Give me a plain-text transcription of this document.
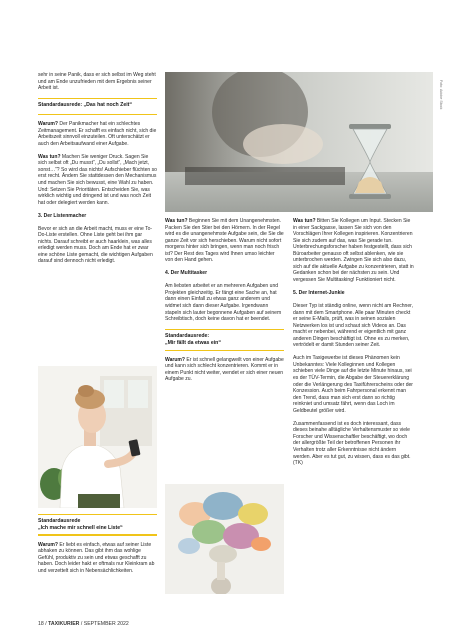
Foto: Adobe Stock

sehr in seine Panik, dass er sich selbst im Weg steht und am Ende unzufrieden mit dem Ergebnis seiner Arbeit ist.

Standardausrede: „Das hat noch Zeit“

Warum? Der Panikmacher hat ein schlechtes Zeitmanagement. Er schafft es einfach nicht, sich die Arbeitszeit sinnvoll einzuteilen. Oft unterschätzt er auch den Arbeitsaufwand einer Aufgabe.

Was tun? Machen Sie weniger Druck. Sagen Sie sich selbst oft „Du musst“, „Du sollst“, „Mach jetzt, sonst…“? So wird das nichts! Aufschieber flüchten so erst recht. Ändern Sie stattdessen den Mechanismus und machen Sie sich bewusst, eine Wahl zu haben. Und: Setzen Sie Prioritäten. Entscheiden Sie, was wirklich wichtig und dringend ist und was noch Zeit hat oder delegiert werden kann.

3. Der Listenmacher

Bevor er sich an die Arbeit macht, muss er eine To-Do-Liste erstellen. Ohne Liste geht bei ihm gar nichts. Darauf schreibt er auch haarklein, was alles erledigt werden muss. Doch am Ende hat er zwar eine schöne Liste gemacht, die wichtigen Aufgaben darauf sind dennoch nicht erledigt.

Standardausrede
„Ich mache mir schnell eine Liste“

Warum? Er liebt es einfach, etwas auf seiner Liste abhaken zu können. Das gibt ihm das wohlige Gefühl, produktiv zu sein und etwas geschafft zu haben. Doch leider hakt er oftmals nur Kleinkram ab und verzettelt sich in Nebensächlichkeiten.

Was tun? Beginnen Sie mit dem Unangenehmsten. Packen Sie den Stier bei den Hörnern. In der Regel wird es die unangenehmste Aufgabe sein, die Sie die ganze Zeit vor sich herschieben. Warum nicht sofort morgens hinter sich bringen, wenn man noch frisch ist? Der Rest des Tages wird Ihnen umso leichter von den Hand gehen.

4. Der Multitasker

Am liebsten arbeitet er an mehreren Aufgaben und Projekten gleichzeitig. Er fängt eine Sache an, hat dann einen Einfall zu etwas ganz anderem und widmet sich dann dieser Aufgabe. Irgendwann stapeln sich lauter begonnene Aufgaben auf seinem Schreibtisch, doch keine davon hat er beendet.

Standardausrede:
„Mir fällt da etwas ein“

Warum? Er ist schnell gelangweilt von einer Aufgabe und kann sich schlecht konzentrieren. Kommt er in einem Punkt nicht weiter, wendet er sich einer neuen Aufgabe zu.

Was tun? Bitten Sie Kollegen um Input. Stecken Sie in einer Sackgasse, lassen Sie sich von den Vorschlägen Ihrer Kollegen inspirieren. Konzentrieren Sie sich zudem auf das, was Sie gerade tun. Unterbrechungsforscher haben festgestellt, dass sich Büroarbeiter genauso oft selbst ablenken, wie sie unterbrochen werden. Zwingen Sie sich also dazu, sich auf die aktuelle Aufgabe zu konzentrieren, statt in Gedanken schon bei der nächsten zu sein. Und vergessen Sie Multitasking! Funktioniert nicht.

5. Der Internet-Junkie

Dieser Typ ist ständig online, wenn nicht am Rechner, dann mit dem Smartphone. Alle paar Minuten checkt er seine E-Mails, prüft, was in seinen sozialen Netzwerken los ist und schaut sich Videos an. Das macht er nebenbei, während er eigentlich mit ganz anderen Dingen beschäftigt ist. Ohne es zu merken, vertrödelt er damit Stunden seiner Zeit.

Auch im Taxigewerbe ist dieses Phänomen kein Unbekanntes: Viele Kolleginnen und Kollegen schieben viele Dinge auf die letzte Minute hinaus, sei es der TÜV-Termin, die Abgabe der Steuererklärung oder die Verlängerung des Taxiführerscheins oder der Konzession. Auch beim Fahrpersonal erkennt man den Trend, dass man sich erst dann so richtig reinkniet und umsatz fährt, wenn das Loch im Geldbeutel größer wird.

Zusammenfassend ist es doch interessant, dass dieses beinahe alltägliche Verhaltensmuster so viele Forscher und Wissenschaftler beschäftigt, wo doch der allergrößte Teil der betroffenen Personen ihr Verhalten trotz aller Erkenntnisse nicht ändern werden. Aber es tut gut, zu wissen, dass es das gibt. (TK)

18 / TAXIKURIER / SEPTEMBER 2022
